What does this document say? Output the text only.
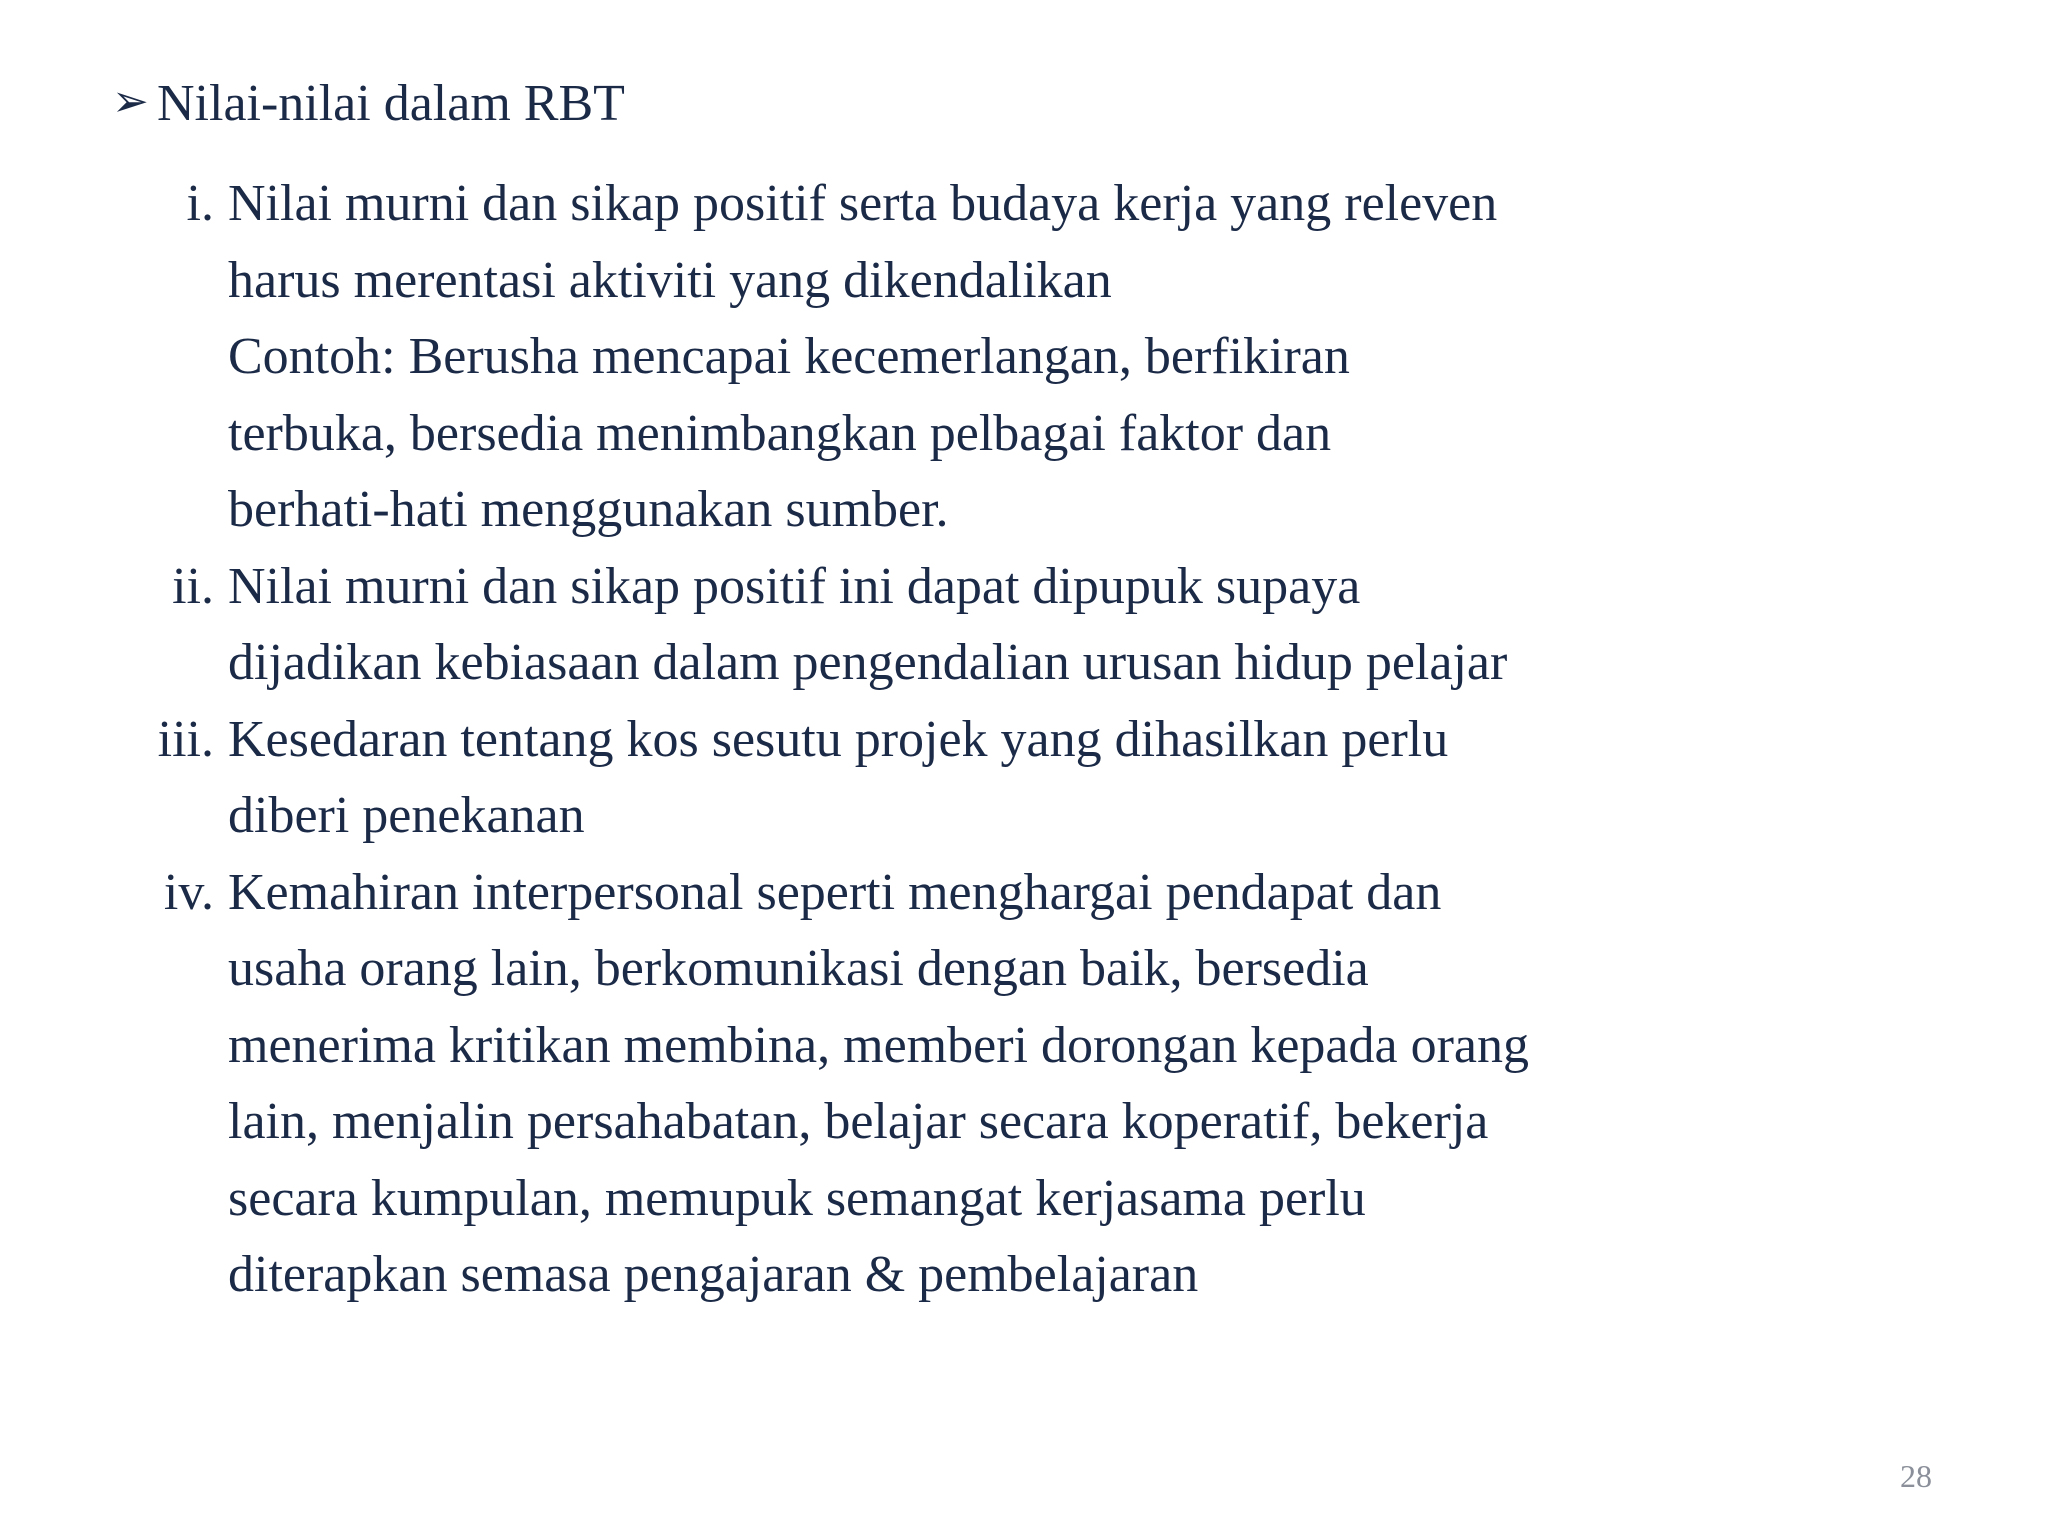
➢ Nilai-nilai dalam RBT
i. Nilai murni dan sikap positif serta budaya kerja yang releven
harus merentasi aktiviti yang dikendalikan
Contoh: Berusha mencapai kecemerlangan, berfikiran
terbuka, bersedia menimbangkan pelbagai faktor dan
berhati-hati menggunakan sumber.
ii. Nilai murni dan sikap positif ini dapat dipupuk supaya
dijadikan kebiasaan dalam pengendalian urusan hidup pelajar
iii. Kesedaran tentang kos sesutu projek yang dihasilkan perlu
diberi penekanan
iv. Kemahiran interpersonal seperti menghargai pendapat dan
usaha orang lain, berkomunikasi dengan baik, bersedia
menerima kritikan membina, memberi dorongan kepada orang
lain, menjalin persahabatan, belajar secara koperatif, bekerja
secara kumpulan, memupuk semangat kerjasama perlu
diterapkan semasa pengajaran & pembelajaran
28
